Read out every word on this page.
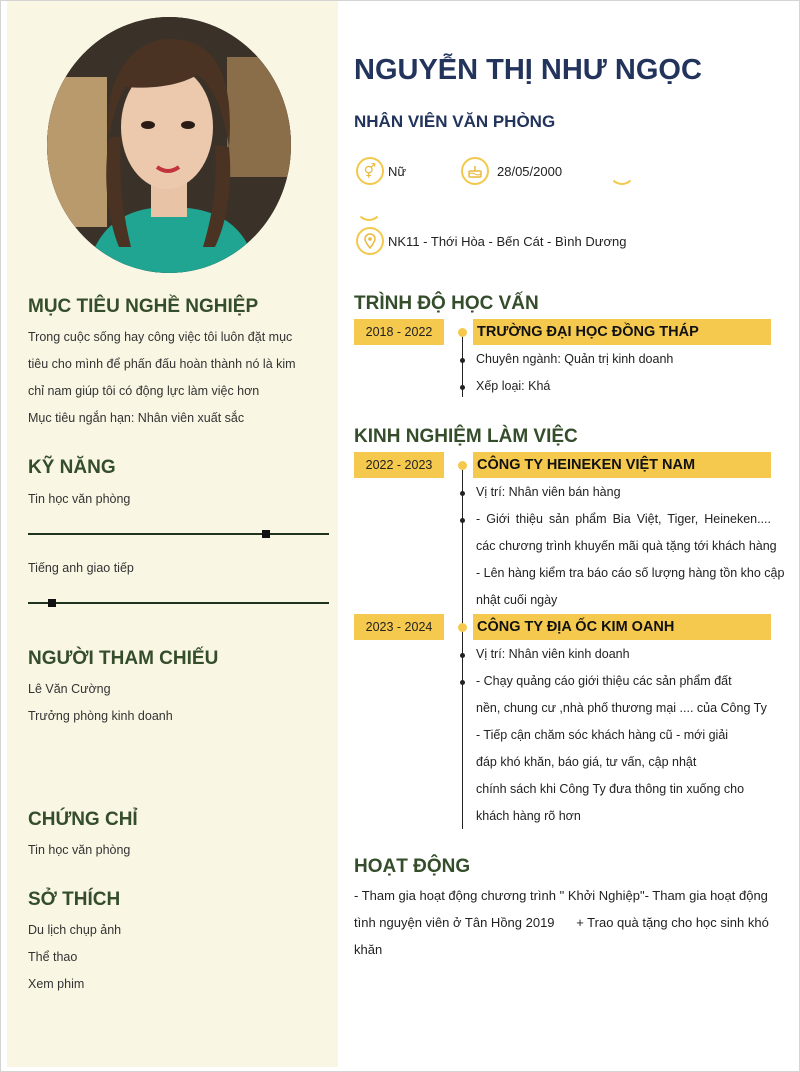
MỤC TIÊU NGHỀ NGHIỆP
Trong cuộc sống hay công việc tôi luôn đặt mục
tiêu cho mình để phấn đấu hoàn thành nó là kim
chỉ nam giúp tôi có động lực làm việc hơn
Mục tiêu ngắn hạn: Nhân viên xuất sắc
KỸ NĂNG
Tin học văn phòng
Tiếng anh giao tiếp
NGƯỜI THAM CHIẾU
Lê Văn Cường
Trưởng phòng kinh doanh
CHỨNG CHỈ
Tin học văn phòng
SỞ THÍCH
Du lịch chụp ảnh
Thể thao
Xem phim
NGUYỄN THỊ NHƯ NGỌC
NHÂN VIÊN VĂN PHÒNG
⚥ Nữ	28/05/2000
NK11 - Thới Hòa - Bến Cát - Bình Dương
TRÌNH ĐỘ HỌC VẤN
2018 - 2022	TRƯỜNG ĐẠI HỌC ĐỒNG THÁP
Chuyên ngành: Quản trị kinh doanh
Xếp loại: Khá
KINH NGHIỆM LÀM VIỆC
2022 - 2023	CÔNG TY HEINEKEN VIỆT NAM
Vị trí: Nhân viên bán hàng
- Giới thiệu sản phẩm Bia Việt, Tiger, Heineken....
các chương trình khuyến mãi quà tặng tới khách hàng
- Lên hàng kiểm tra báo cáo số lượng hàng tồn kho cập
nhật cuối ngày
2023 - 2024	CÔNG TY ĐỊA ỐC KIM OANH
Vị trí: Nhân viên kinh doanh
- Chạy quảng cáo giới thiệu các sản phẩm đất
nền, chung cư ,nhà phố thương mại .... của Công Ty
- Tiếp cận chăm sóc khách hàng cũ - mới giải
đáp khó khăn, báo giá, tư vấn, cập nhật
chính sách khi Công Ty đưa thông tin xuống cho
khách hàng rõ hơn
HOẠT ĐỘNG
- Tham gia hoạt động chương trình " Khởi Nghiệp"- Tham gia hoạt động
tình nguyện viên ở Tân Hồng 2019      + Trao quà tặng cho học sinh khó
khăn
